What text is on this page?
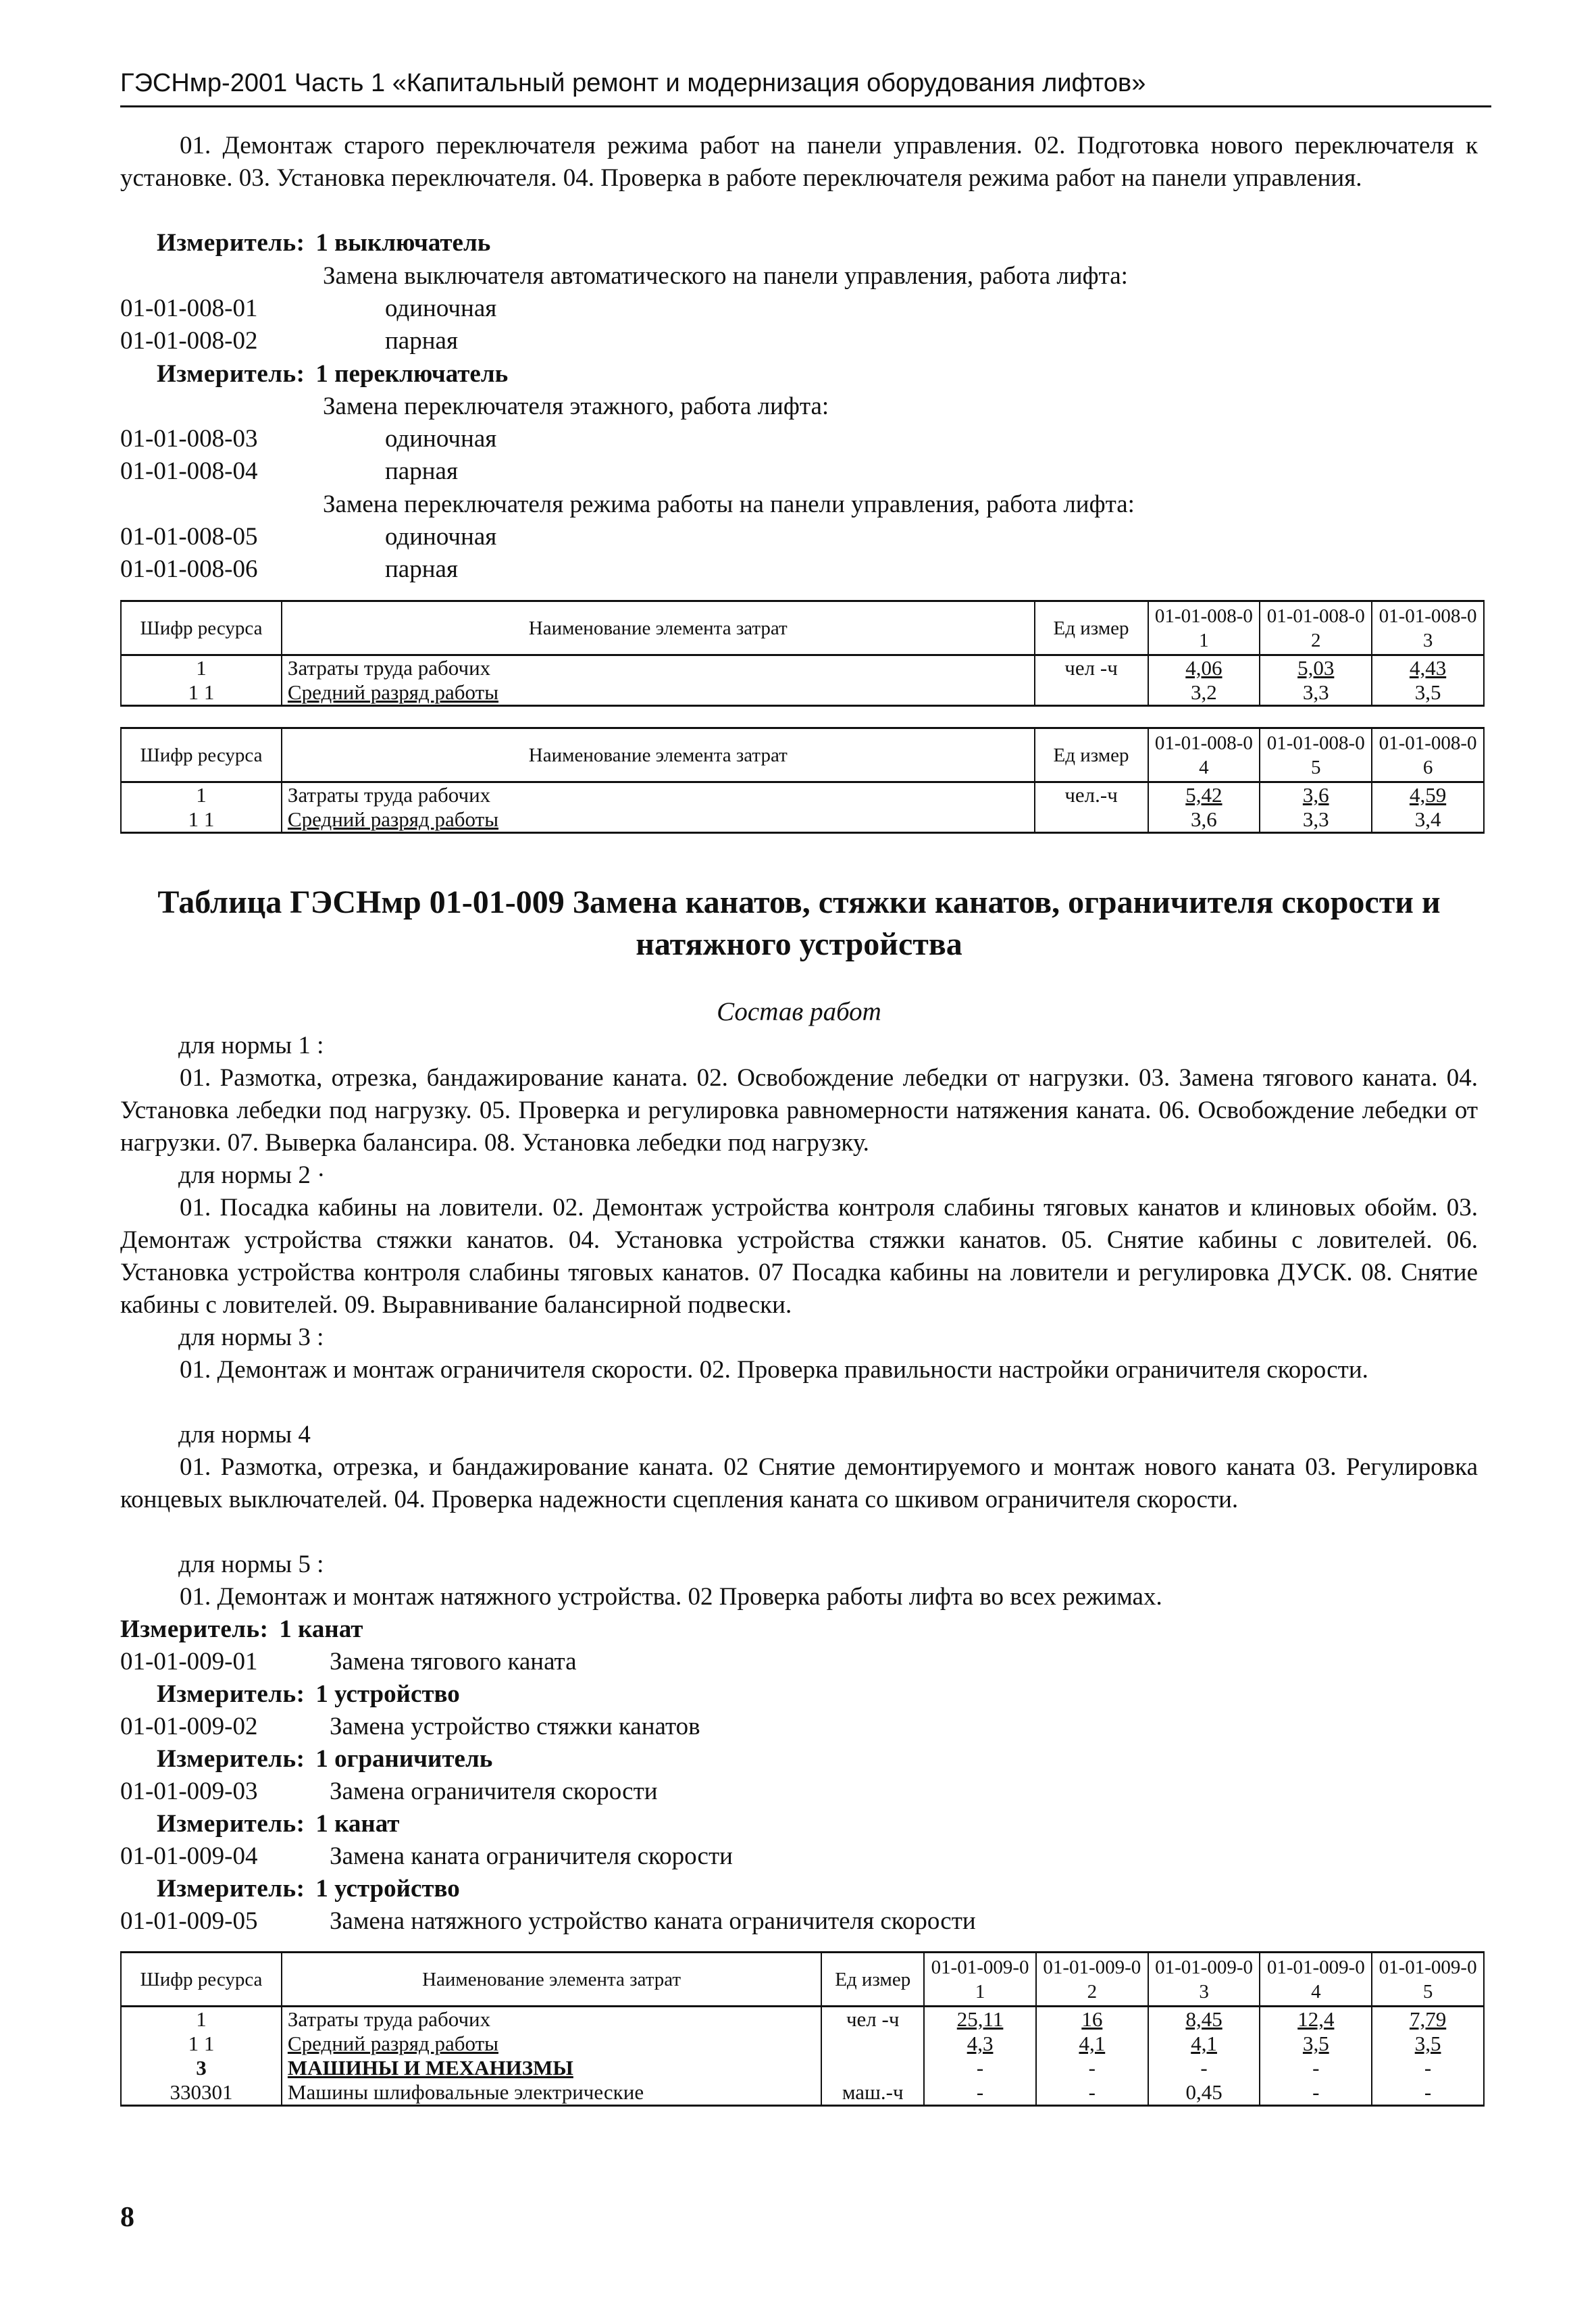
ГЭСНмр-2001 Часть 1 «Капитальный ремонт и модернизация оборудования лифтов»
01. Демонтаж старого переключателя режима работ на панели управления. 02. Подготовка нового переключателя к установке. 03. Установка переключателя. 04. Проверка в работе переключателя режима работ на панели управления.
Измеритель: 1 выключатель
Замена выключателя автоматического на панели управления, работа лифта:
01-01-008-01	одиночная
01-01-008-02	парная
Измеритель: 1 переключатель
Замена переключателя этажного, работа лифта:
01-01-008-03	одиночная
01-01-008-04	парная
Замена переключателя режима работы на панели управления, работа лифта:
01-01-008-05	одиночная
01-01-008-06	парная
Шифр ресурса	Наименование элемента затрат	Ед измер	01-01-008-01	01-01-008-02	01-01-008-03
1	Затраты труда рабочих	чел -ч	4,06	5,03	4,43
1 1	Средний разряд работы		3,2	3,3	3,5
Шифр ресурса	Наименование элемента затрат	Ед измер	01-01-008-04	01-01-008-05	01-01-008-06
1	Затраты труда рабочих	чел.-ч	5,42	3,6	4,59
1 1	Средний разряд работы		3,6	3,3	3,4
Таблица ГЭСНмр 01-01-009 Замена канатов, стяжки канатов, ограничителя скорости и
натяжного устройства
Состав работ
для нормы 1 :
01. Размотка, отрезка, бандажирование каната. 02. Освобождение лебедки от нагрузки. 03. Замена тягового каната. 04. Установка лебедки под нагрузку. 05. Проверка и регулировка равномерности натяжения каната. 06. Освобождение лебедки от нагрузки. 07. Выверка балансира. 08. Установка лебедки под нагрузку.
для нормы 2 ·
01. Посадка кабины на ловители. 02. Демонтаж устройства контроля слабины тяговых канатов и клиновых обойм. 03. Демонтаж устройства стяжки канатов. 04. Установка устройства стяжки канатов. 05. Снятие кабины с ловителей. 06. Установка устройства контроля слабины тяговых канатов. 07 Посадка кабины на ловители и регулировка ДУСК. 08. Снятие кабины с ловителей. 09. Выравнивание балансирной подвески.
для нормы 3 :
01. Демонтаж и монтаж ограничителя скорости. 02. Проверка правильности настройки ограничителя скорости.
для нормы 4
01. Размотка, отрезка, и бандажирование каната. 02 Снятие демонтируемого и монтаж нового каната 03. Регулировка концевых выключателей. 04. Проверка надежности сцепления каната со шкивом ограничителя скорости.
для нормы 5 :
01. Демонтаж и монтаж натяжного устройства. 02 Проверка работы лифта во всех режимах.
Измеритель: 1 канат
01-01-009-01	Замена тягового каната
Измеритель: 1 устройство
01-01-009-02	Замена устройство стяжки канатов
Измеритель: 1 ограничитель
01-01-009-03	Замена ограничителя скорости
Измеритель: 1 канат
01-01-009-04	Замена каната ограничителя скорости
Измеритель: 1 устройство
01-01-009-05	Замена натяжного устройство каната ограничителя скорости
Шифр ресурса	Наименование элемента затрат	Ед измер	01-01-009-01	01-01-009-02	01-01-009-03	01-01-009-04	01-01-009-05
1	Затраты труда рабочих	чел -ч	25,11	16	8,45	12,4	7,79
1 1	Средний разряд работы		4,3	4,1	4,1	3,5	3,5
3	МАШИНЫ И МЕХАНИЗМЫ		-	-	-	-	-
330301	Машины шлифовальные электрические	маш.-ч	-	-	0,45	-	-
8
